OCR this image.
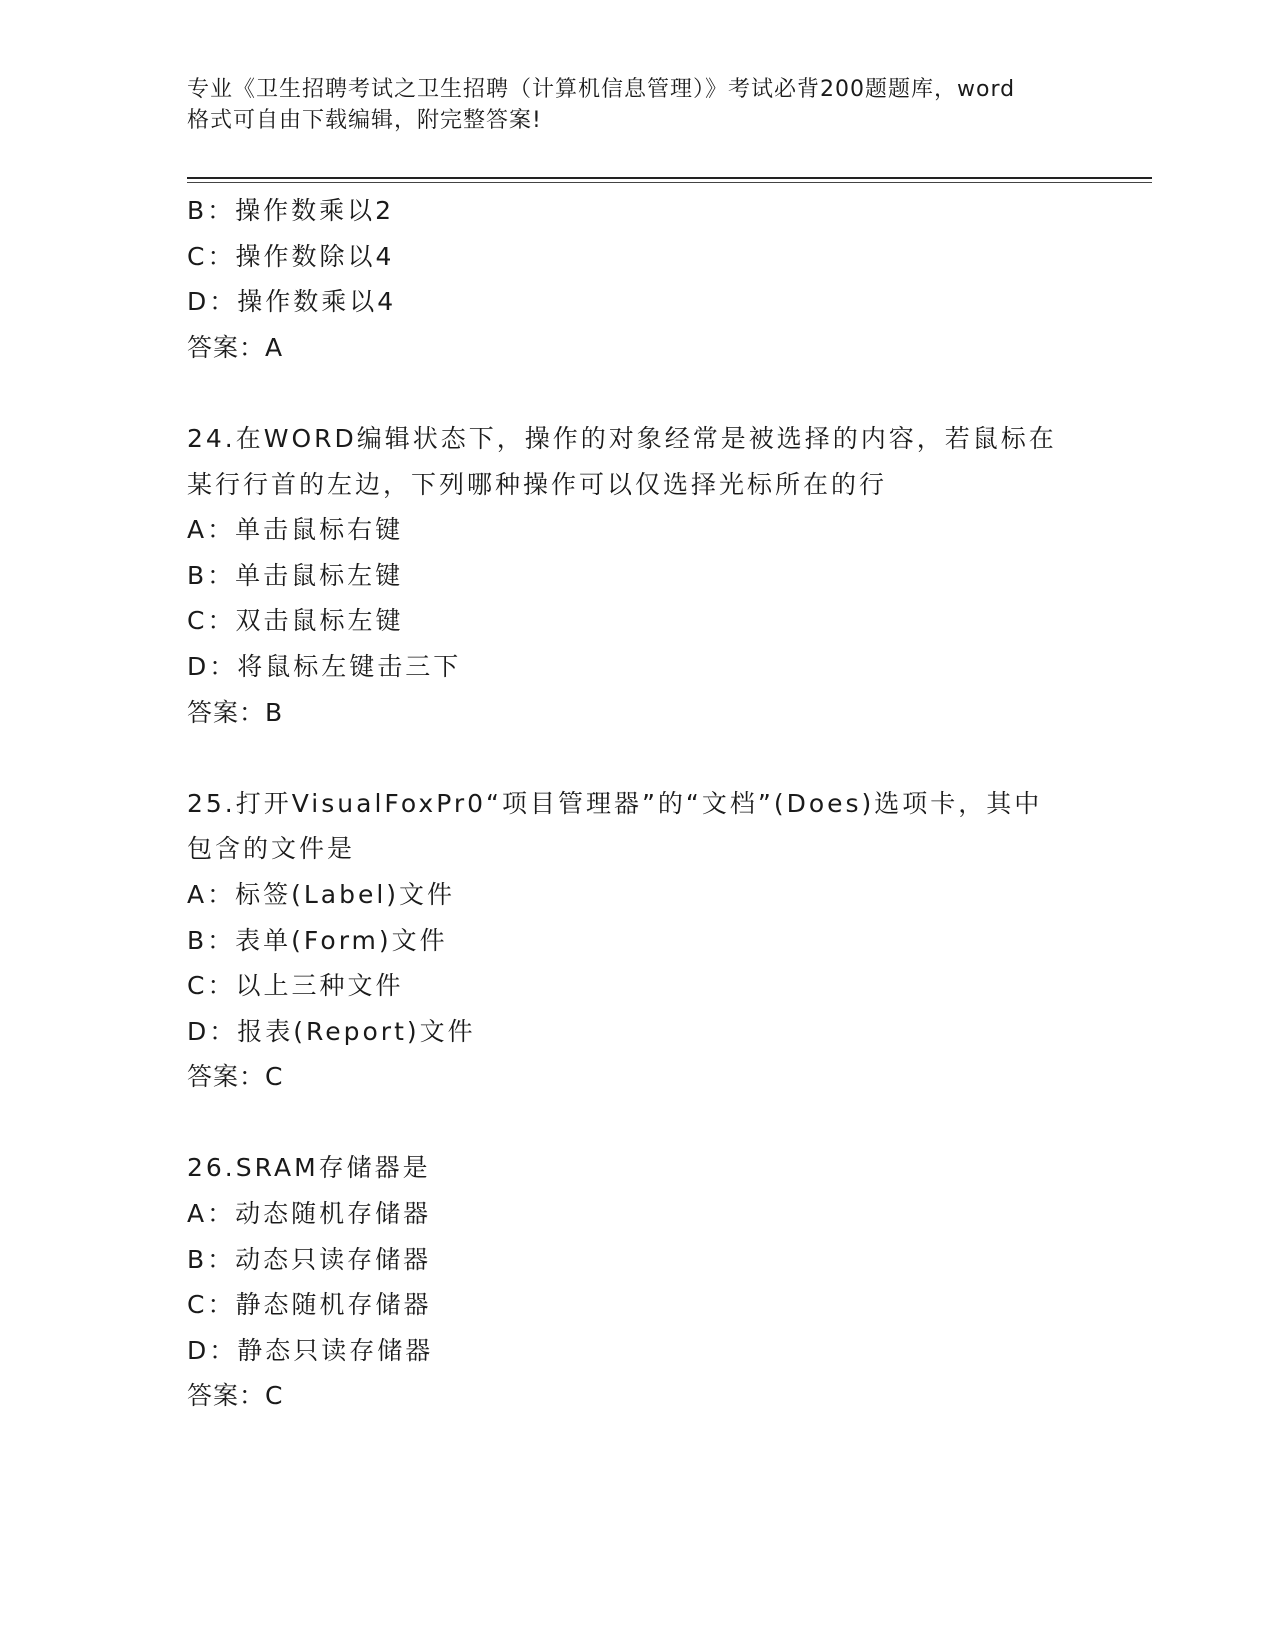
专业《卫生招聘考试之卫生招聘（计算机信息管理）》考试必背200题题库，word
格式可自由下载编辑，附完整答案!
B：操作数乘以2
C：操作数除以4
D：操作数乘以4
答案：A
24.在WORD编辑状态下，操作的对象经常是被选择的内容，若鼠标在
某行行首的左边，下列哪种操作可以仅选择光标所在的行
A：单击鼠标右键
B：单击鼠标左键
C：双击鼠标左键
D：将鼠标左键击三下
答案：B
25.打开VisualFoxPr0“项目管理器”的“文档”(Does)选项卡，其中
包含的文件是
A：标签(Label)文件
B：表单(Form)文件
C：以上三种文件
D：报表(Report)文件
答案：C
26.SRAM存储器是
A：动态随机存储器
B：动态只读存储器
C：静态随机存储器
D：静态只读存储器
答案：C
